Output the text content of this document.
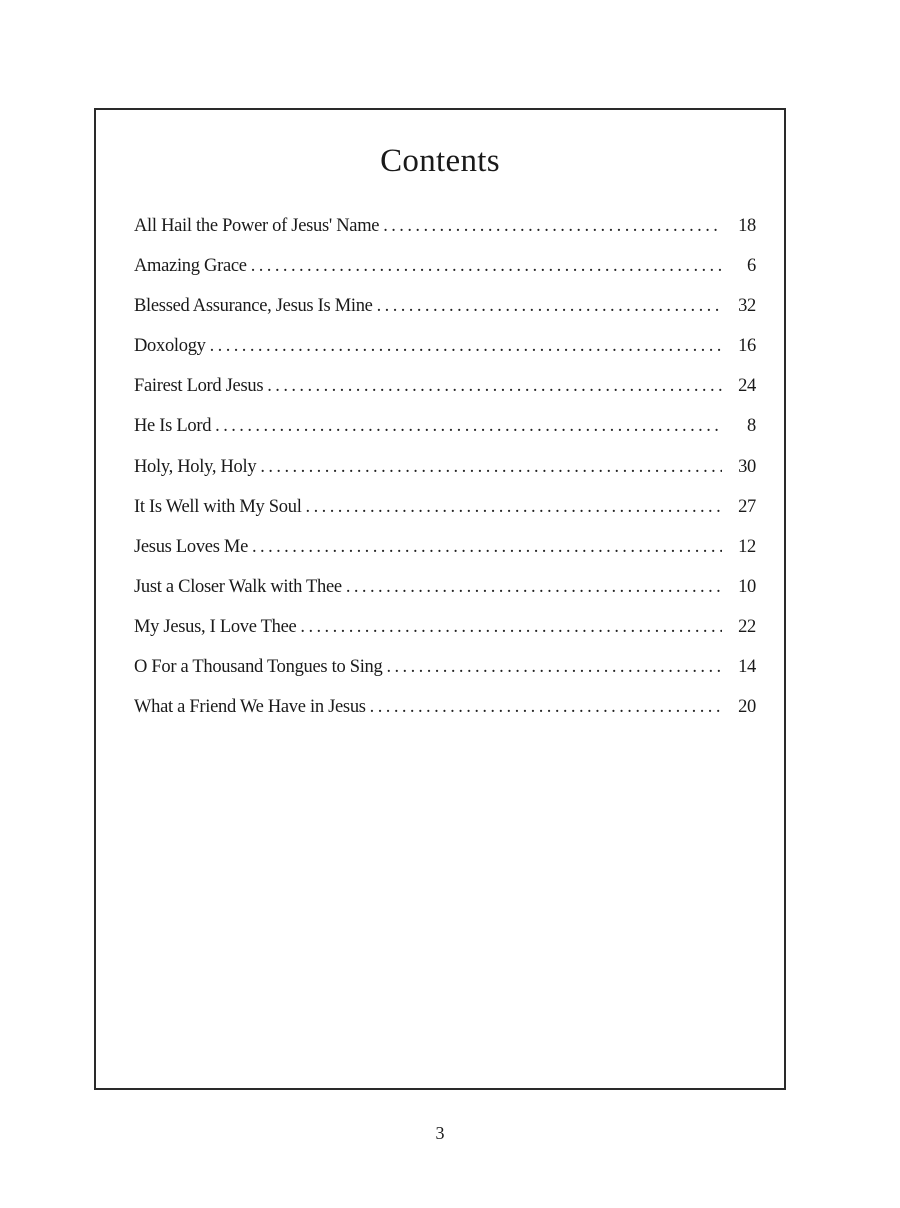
Contents
All Hail the Power of Jesus' Name . . .	18
Amazing Grace . . .	6
Blessed Assurance, Jesus Is Mine . . .	32
Doxology . . .	16
Fairest Lord Jesus . . .	24
He Is Lord . . .	8
Holy, Holy, Holy . . .	30
It Is Well with My Soul . . .	27
Jesus Loves Me . . .	12
Just a Closer Walk with Thee . . .	10
My Jesus, I Love Thee . . .	22
O For a Thousand Tongues to Sing . . .	14
What a Friend We Have in Jesus . . .	20
3
